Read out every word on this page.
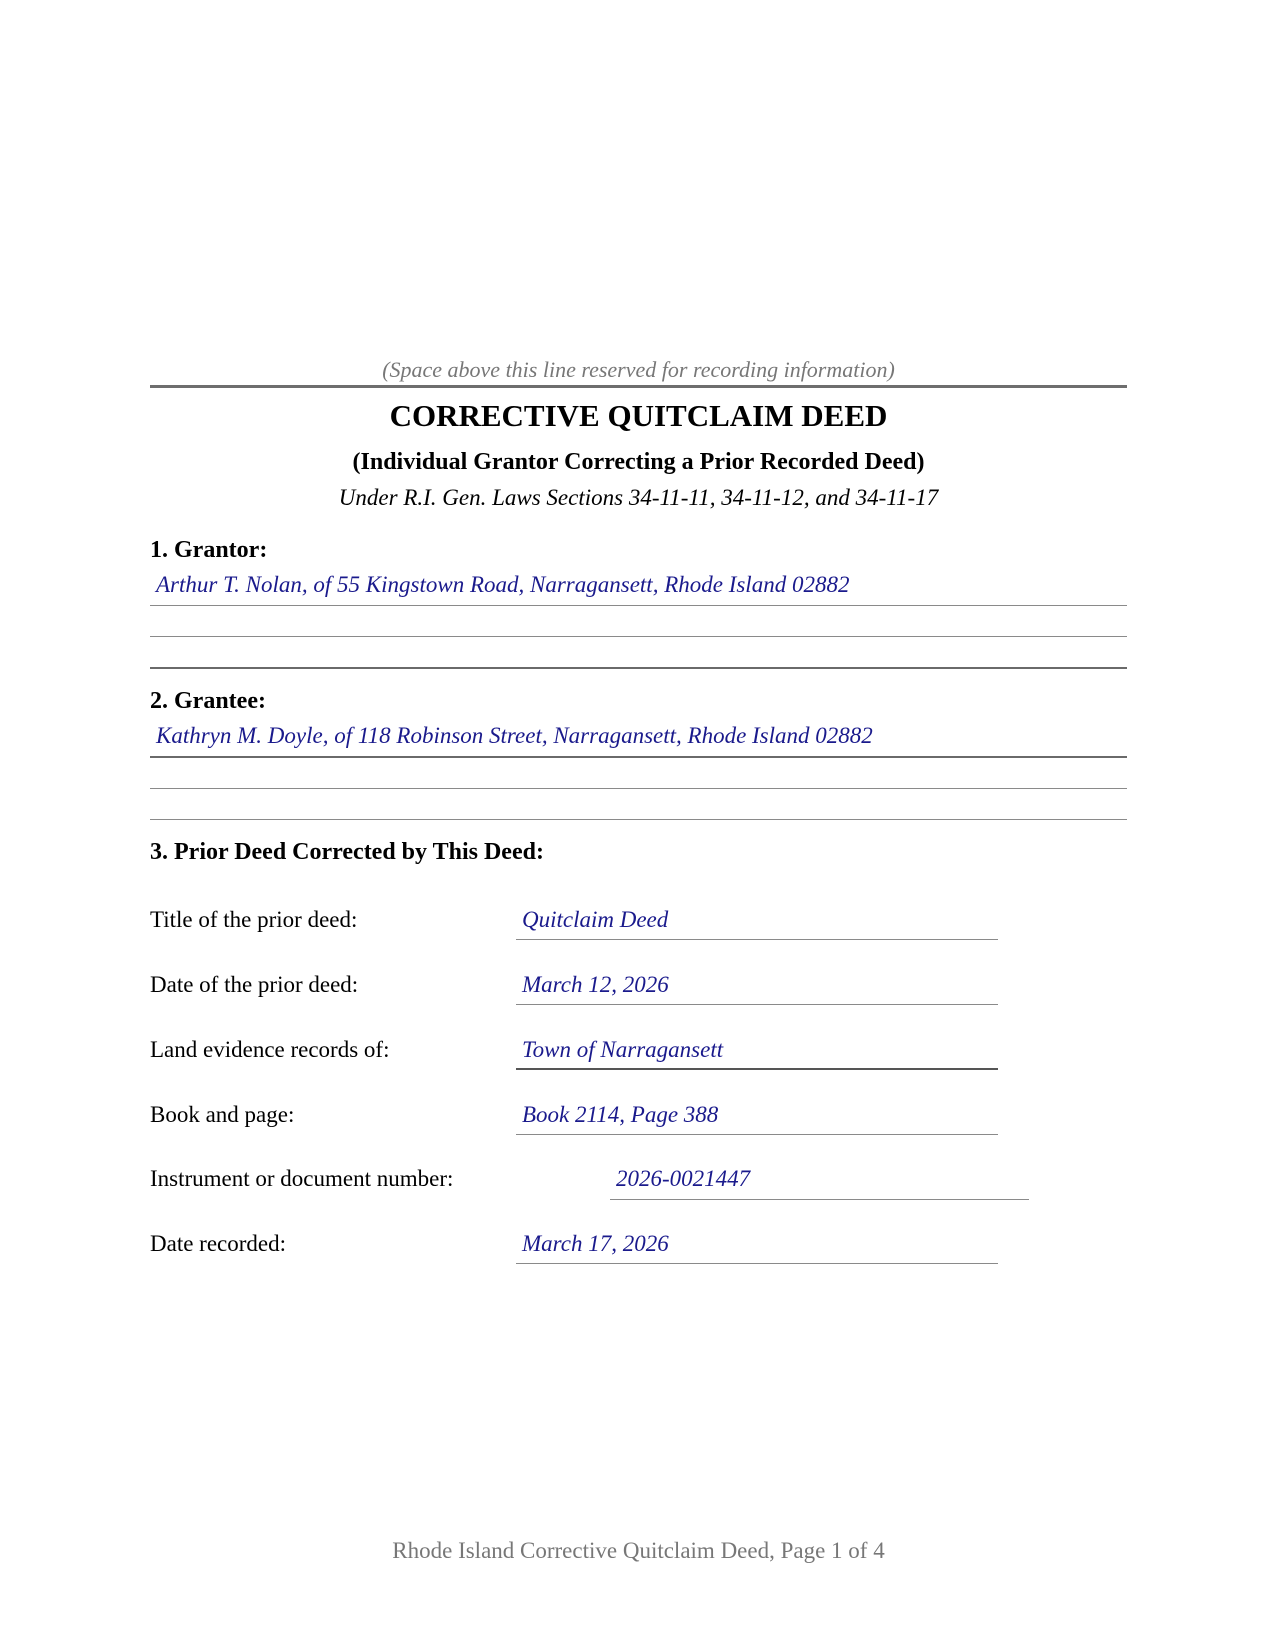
(Space above this line reserved for recording information)
CORRECTIVE QUITCLAIM DEED
(Individual Grantor Correcting a Prior Recorded Deed)
Under R.I. Gen. Laws Sections 34-11-11, 34-11-12, and 34-11-17
1. Grantor:
Arthur T. Nolan, of 55 Kingstown Road, Narragansett, Rhode Island 02882
2. Grantee:
Kathryn M. Doyle, of 118 Robinson Street, Narragansett, Rhode Island 02882
3. Prior Deed Corrected by This Deed:
Title of the prior deed:	Quitclaim Deed
Date of the prior deed:	March 12, 2026
Land evidence records of:	Town of Narragansett
Book and page:	Book 2114, Page 388
Instrument or document number:	2026-0021447
Date recorded:	March 17, 2026
Rhode Island Corrective Quitclaim Deed, Page 1 of 4
